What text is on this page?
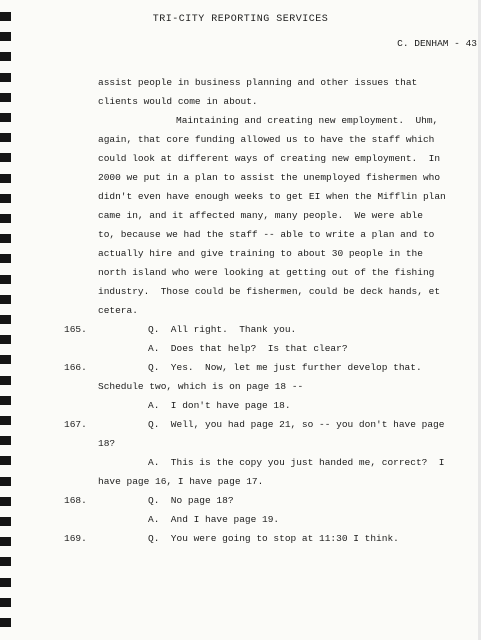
TRI-CITY REPORTING SERVICES
C. DENHAM - 43
assist people in business planning and other issues that
clients would come in about.
Maintaining and creating new employment.  Uhm,
again, that core funding allowed us to have the staff which
could look at different ways of creating new employment.  In
2000 we put in a plan to assist the unemployed fishermen who
didn't even have enough weeks to get EI when the Mifflin plan
came in, and it affected many, many people.  We were able
to, because we had the staff -- able to write a plan and to
actually hire and give training to about 30 people in the
north island who were looking at getting out of the fishing
industry.  Those could be fishermen, could be deck hands, et
cetera.
Q.  All right.  Thank you.
A.  Does that help?  Is that clear?
Q.  Yes.  Now, let me just further develop that.
Schedule two, which is on page 18 --
A.  I don't have page 18.
Q.  Well, you had page 21, so -- you don't have page
18?
A.  This is the copy you just handed me, correct?  I
have page 16, I have page 17.
Q.  No page 18?
A.  And I have page 19.
Q.  You were going to stop at 11:30 I think.
165.
166.
167.
168.
169.
